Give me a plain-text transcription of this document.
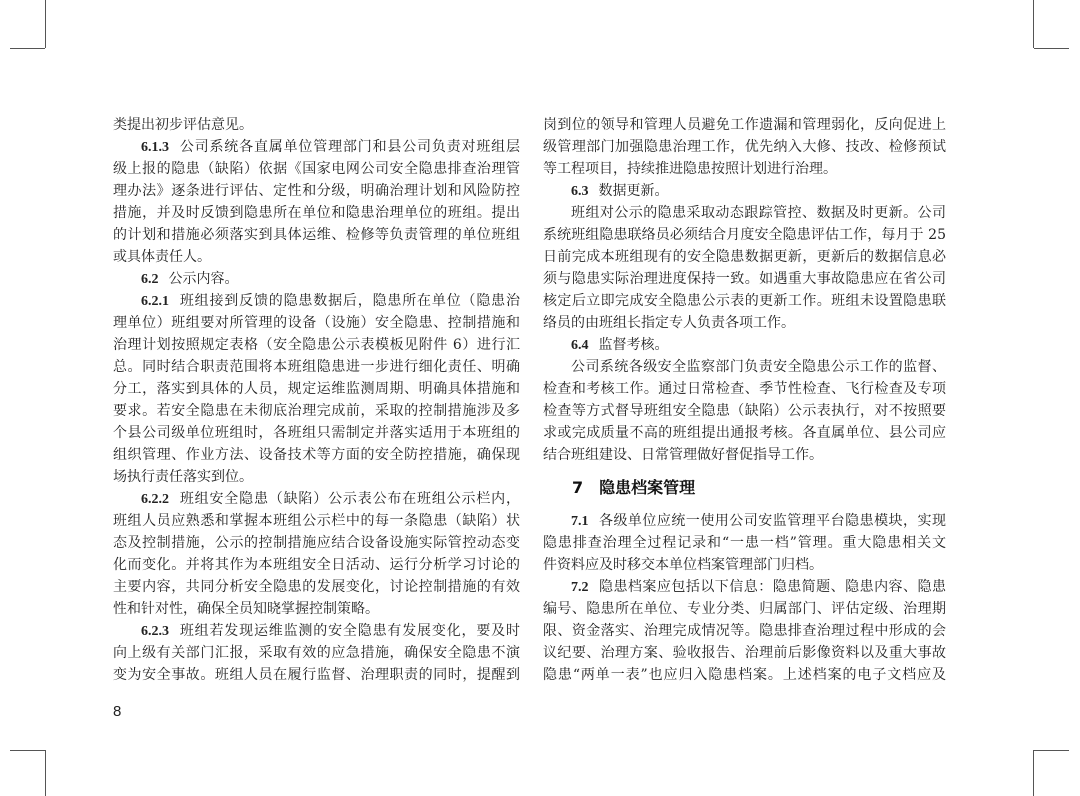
类提出初步评估意见。
6.1.3 公司系统各直属单位管理部门和县公司负责对班组层
级上报的隐患（缺陷）依据《国家电网公司安全隐患排查治理管
理办法》逐条进行评估、定性和分级，明确治理计划和风险防控
措施，并及时反馈到隐患所在单位和隐患治理单位的班组。提出
的计划和措施必须落实到具体运维、检修等负责管理的单位班组
或具体责任人。
6.2 公示内容。
6.2.1 班组接到反馈的隐患数据后，隐患所在单位（隐患治
理单位）班组要对所管理的设备（设施）安全隐患、控制措施和
治理计划按照规定表格（安全隐患公示表模板见附件 6）进行汇
总。同时结合职责范围将本班组隐患进一步进行细化责任、明确
分工，落实到具体的人员，规定运维监测周期、明确具体措施和
要求。若安全隐患在未彻底治理完成前，采取的控制措施涉及多
个县公司级单位班组时，各班组只需制定并落实适用于本班组的
组织管理、作业方法、设备技术等方面的安全防控措施，确保现
场执行责任落实到位。
6.2.2 班组安全隐患（缺陷）公示表公布在班组公示栏内，
班组人员应熟悉和掌握本班组公示栏中的每一条隐患（缺陷）状
态及控制措施，公示的控制措施应结合设备设施实际管控动态变
化而变化。并将其作为本班组安全日活动、运行分析学习讨论的
主要内容，共同分析安全隐患的发展变化，讨论控制措施的有效
性和针对性，确保全员知晓掌握控制策略。
6.2.3 班组若发现运维监测的安全隐患有发展变化，要及时
向上级有关部门汇报，采取有效的应急措施，确保安全隐患不演
变为安全事故。班组人员在履行监督、治理职责的同时，提醒到
岗到位的领导和管理人员避免工作遗漏和管理弱化，反向促进上
级管理部门加强隐患治理工作，优先纳入大修、技改、检修预试
等工程项目，持续推进隐患按照计划进行治理。
6.3 数据更新。
班组对公示的隐患采取动态跟踪管控、数据及时更新。公司
系统班组隐患联络员必须结合月度安全隐患评估工作，每月于 25
日前完成本班组现有的安全隐患数据更新，更新后的数据信息必
须与隐患实际治理进度保持一致。如遇重大事故隐患应在省公司
核定后立即完成安全隐患公示表的更新工作。班组未设置隐患联
络员的由班组长指定专人负责各项工作。
6.4 监督考核。
公司系统各级安全监察部门负责安全隐患公示工作的监督、
检查和考核工作。通过日常检查、季节性检查、飞行检查及专项
检查等方式督导班组安全隐患（缺陷）公示表执行，对不按照要
求或完成质量不高的班组提出通报考核。各直属单位、县公司应
结合班组建设、日常管理做好督促指导工作。
7 隐患档案管理
7.1 各级单位应统一使用公司安监管理平台隐患模块，实现
隐患排查治理全过程记录和“一患一档”管理。重大隐患相关文
件资料应及时移交本单位档案管理部门归档。
7.2 隐患档案应包括以下信息：隐患简题、隐患内容、隐患
编号、隐患所在单位、专业分类、归属部门、评估定级、治理期
限、资金落实、治理完成情况等。隐患排查治理过程中形成的会
议纪要、治理方案、验收报告、治理前后影像资料以及重大事故
隐患“两单一表”也应归入隐患档案。上述档案的电子文档应及
8
